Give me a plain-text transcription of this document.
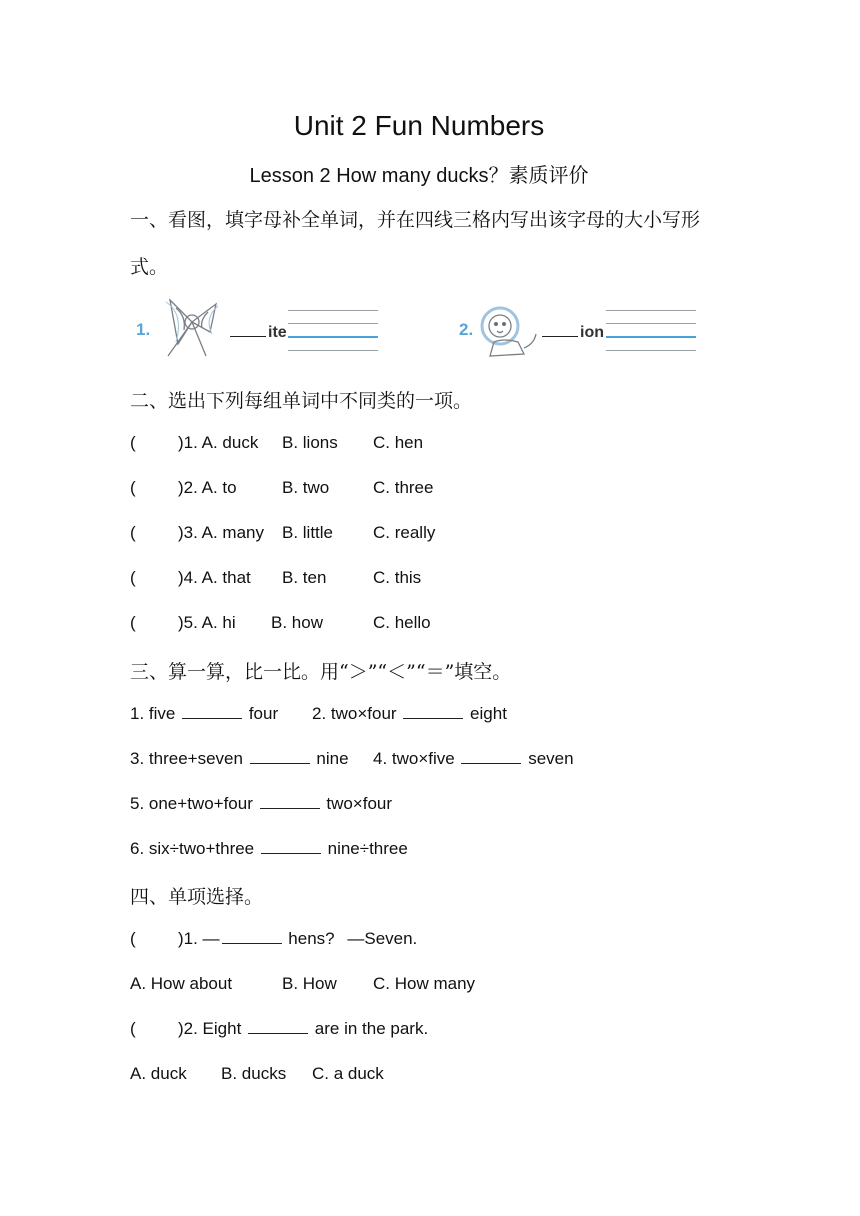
Unit 2 Fun Numbers
Lesson 2 How many ducks？素质评价
一、看图，填字母补全单词，并在四线三格内写出该字母的大小写形
式。
1.	ite	2.	ion
二、选出下列每组单词中不同类的一项。
( )1. A. duck B. lions C. hen
( )2. A. to	B. two	C. three
( )3. A. many B. little C. really
( )4. A. that B. ten	C. this
( )5. A. hi B. how	C. hello
三、算一算，比一比。用“＞”“＜”“＝”填空。
1. five	four 2. two×four	eight
3. three+seven	nine 4. two×five	seven
5. one+two+four	two×four
6. six÷two+three	nine÷three
四、单项选择。
( )1. —	hens? —Seven.
A. How about	B. How C. How many
( )2. Eight	are in the park.
A. duck B. ducks C. a duck
